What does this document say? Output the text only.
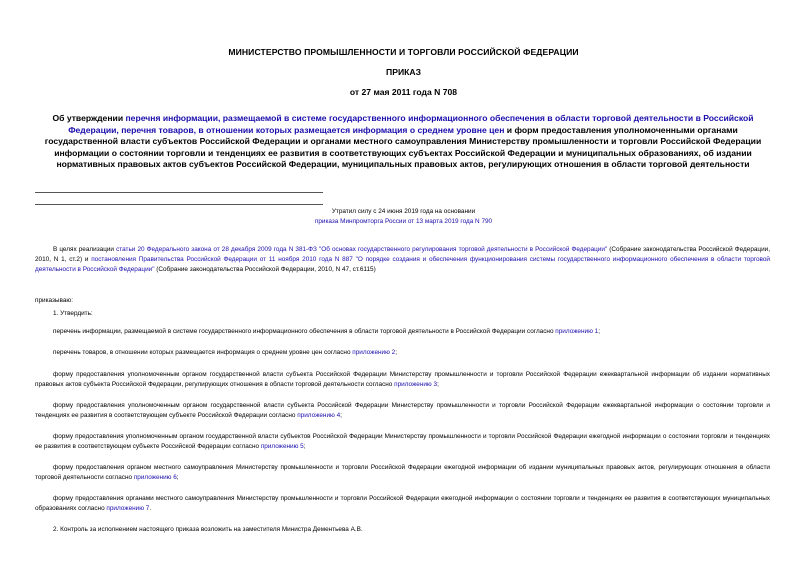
МИНИСТЕРСТВО ПРОМЫШЛЕННОСТИ И ТОРГОВЛИ РОССИЙСКОЙ ФЕДЕРАЦИИ
ПРИКАЗ
от 27 мая 2011 года N 708
Об утверждении перечня информации, размещаемой в системе государственного информационного обеспечения в области торговой деятельности в Российской Федерации, перечня товаров, в отношении которых размещается информация о среднем уровне цен и форм предоставления уполномоченными органами государственной власти субъектов Российской Федерации и органами местного самоуправления Министерству промышленности и торговли Российской Федерации информации о состоянии торговли и тенденциях ее развития в соответствующих субъектах Российской Федерации и муниципальных образованиях, об издании нормативных правовых актов субъектов Российской Федерации, муниципальных правовых актов, регулирующих отношения в области торговой деятельности
Утратил силу с 24 июня 2019 года на основании
приказа Минпромторга России от 13 марта 2019 года N 790
В целях реализации статьи 20 Федерального закона от 28 декабря 2009 года N 381-ФЗ "Об основах государственного регулирования торговой деятельности в Российской Федерации" (Собрание законодательства Российской Федерации, 2010, N 1, ст.2) и постановления Правительства Российской Федерации от 11 ноября 2010 года N 887 "О порядке создания и обеспечения функционирования системы государственного информационного обеспечения в области торговой деятельности в Российской Федерации" (Собрание законодательства Российской Федерации, 2010, N 47, ст.6115)
приказываю:
1. Утвердить:
перечень информации, размещаемой в системе государственного информационного обеспечения в области торговой деятельности в Российской Федерации согласно приложению 1;
перечень товаров, в отношении которых размещается информация о среднем уровне цен согласно приложению 2;
форму предоставления уполномоченным органом государственной власти субъекта Российской Федерации Министерству промышленности и торговли Российской Федерации ежеквартальной информации об издании нормативных правовых актов субъекта Российской Федерации, регулирующих отношения в области торговой деятельности согласно приложению 3;
форму предоставления уполномоченным органом государственной власти субъекта Российской Федерации Министерству промышленности и торговли Российской Федерации ежеквартальной информации о состоянии торговли и тенденциях ее развития в соответствующем субъекте Российской Федерации согласно приложению 4;
форму предоставления уполномоченным органом государственной власти субъектов Российской Федерации Министерству промышленности и торговли Российской Федерации ежегодной информации о состоянии торговли и тенденциях ее развития в соответствующем субъекте Российской Федерации согласно приложению 5;
форму предоставления органом местного самоуправления Министерству промышленности и торговли Российской Федерации ежегодной информации об издании муниципальных правовых актов, регулирующих отношения в области торговой деятельности согласно приложению 6;
форму предоставления органами местного самоуправления Министерству промышленности и торговли Российской Федерации ежегодной информации о состоянии торговли и тенденциях ее развития в соответствующих муниципальных образованиях согласно приложению 7.
2. Контроль за исполнением настоящего приказа возложить на заместителя Министра Дементьева А.В.
